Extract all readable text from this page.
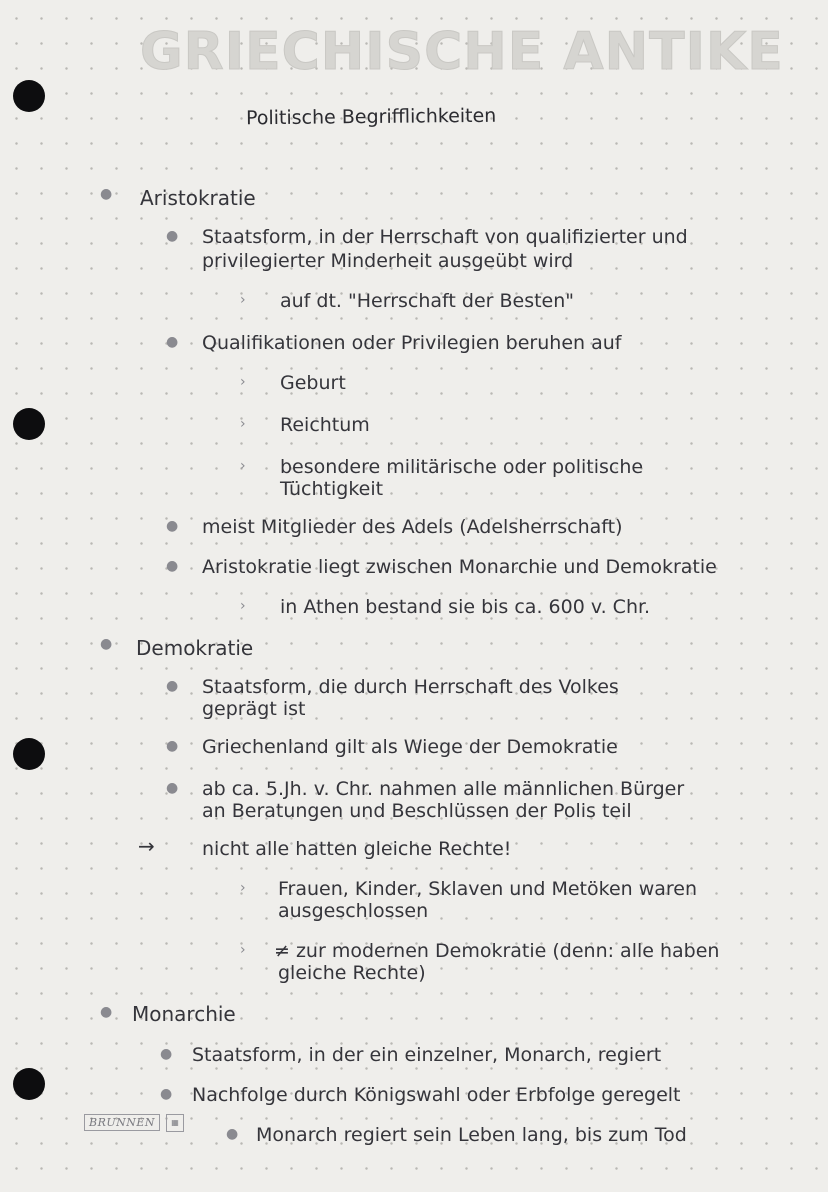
GRIECHISCHE ANTIKE
Politische Begrifflichkeiten
● Aristokratie
● Staatsform, in der Herrschaft von qualifizierter und
privilegierter Minderheit ausgeübt wird
› auf dt. "Herrschaft der Besten"
● Qualifikationen oder Privilegien beruhen auf
› Geburt
› Reichtum
› besondere militärische oder politische
Tüchtigkeit
● meist Mitglieder des Adels (Adelsherrschaft)
● Aristokratie liegt zwischen Monarchie und Demokratie
› in Athen bestand sie bis ca. 600 v. Chr.
● Demokratie
● Staatsform, die durch Herrschaft des Volkes
geprägt ist
● Griechenland gilt als Wiege der Demokratie
● ab ca. 5.Jh. v. Chr. nahmen alle männlichen Bürger
an Beratungen und Beschlüssen der Polis teil
→ nicht alle hatten gleiche Rechte!
› Frauen, Kinder, Sklaven und Metöken waren
ausgeschlossen
› ≠ zur modernen Demokratie (denn: alle haben
gleiche Rechte)
● Monarchie
● Staatsform, in der ein einzelner, Monarch, regiert
● Nachfolge durch Königswahl oder Erbfolge geregelt
● Monarch regiert sein Leben lang, bis zum Tod
BRUNNEN	▦
